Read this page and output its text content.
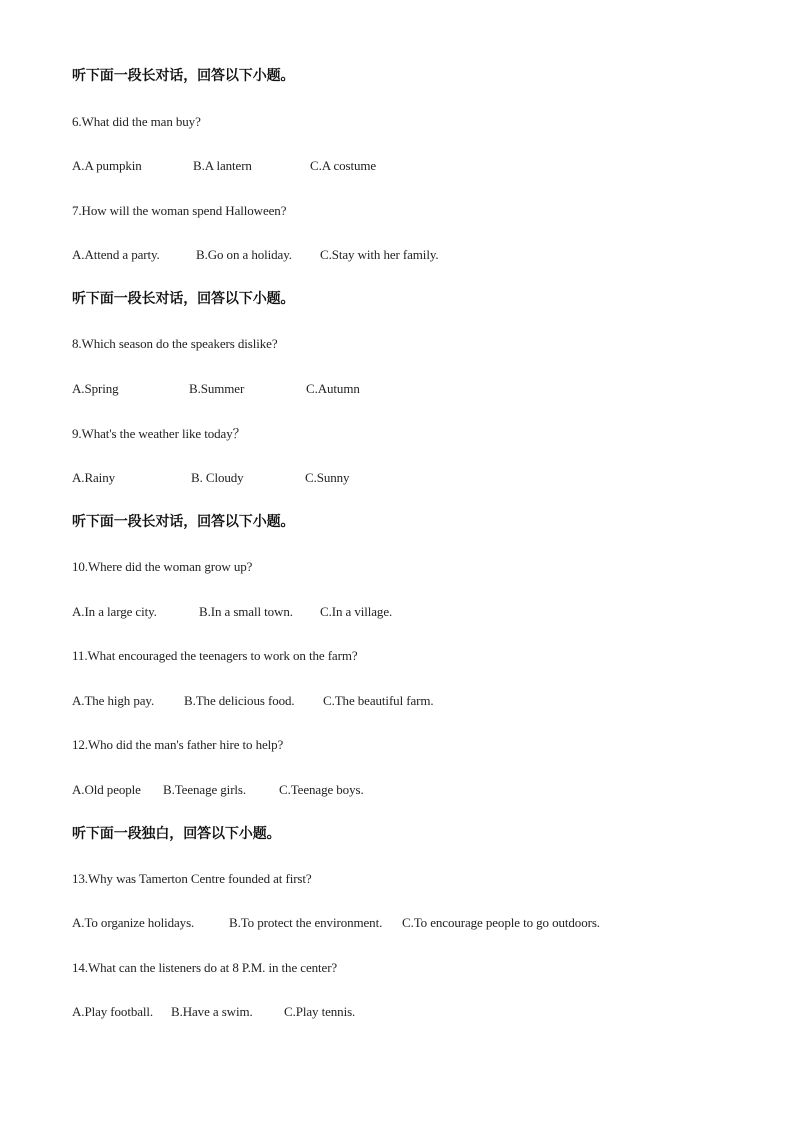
听下面一段长对话，回答以下小题。
6.What did the man buy?
A.A pumpkin	B.A lantern	C.A costume
7.How will the woman spend Halloween?
A.Attend a party.	B.Go on a holiday. C.Stay with her family.
听下面一段长对话，回答以下小题。
8.Which season do the speakers dislike?
A.Spring	B.Summer	C.Autumn
9.What's the weather like today？
A.Rainy	B. Cloudy	C.Sunny
听下面一段长对话，回答以下小题。
10.Where did the woman grow up?
A.In a large city.	B.In a small town. C.In a village.
11.What encouraged the teenagers to work on the farm?
A.The high pay. B.The delicious food. C.The beautiful farm.
12.Who did the man's father hire to help?
A.Old people B.Teenage girls.	C.Teenage boys.
听下面一段独白，回答以下小题。
13.Why was Tamerton Centre founded at first?
A.To organize holidays.	B.To protect the environment. C.To encourage people to go outdoors.
14.What can the listeners do at 8 P.M. in the center?
A.Play football. B.Have a swim. C.Play tennis.
